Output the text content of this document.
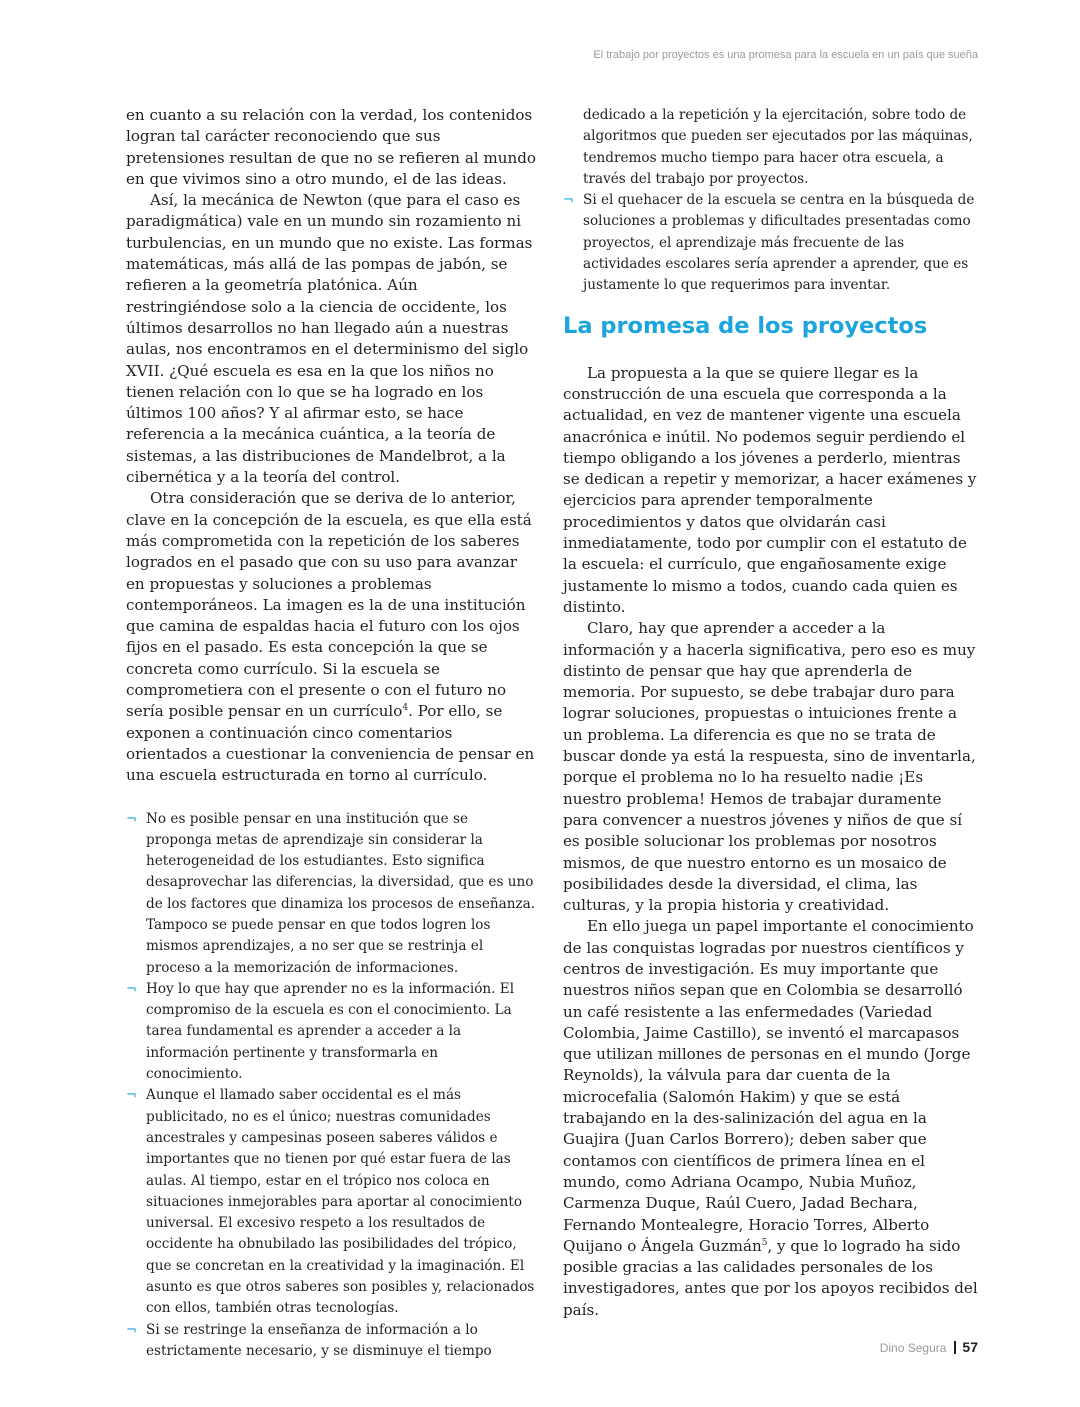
El trabajo por proyectos es una promesa para la escuela en un país que sueña

en cuanto a su relación con la verdad, los contenidos logran tal carácter reconociendo que sus pretensiones resultan de que no se refieren al mundo en que vivimos sino a otro mundo, el de las ideas.

Así, la mecánica de Newton (que para el caso es paradigmática) vale en un mundo sin rozamiento ni turbulencias, en un mundo que no existe. Las formas matemáticas, más allá de las pompas de jabón, se refieren a la geometría platónica. Aún restringiéndose solo a la ciencia de occidente, los últimos desarrollos no han llegado aún a nuestras aulas, nos encontramos en el determinismo del siglo XVII. ¿Qué escuela es esa en la que los niños no tienen relación con lo que se ha logrado en los últimos 100 años? Y al afirmar esto, se hace referencia a la mecánica cuántica, a la teoría de sistemas, a las distribuciones de Mandelbrot, a la cibernética y a la teoría del control.

Otra consideración que se deriva de lo anterior, clave en la concepción de la escuela, es que ella está más comprometida con la repetición de los saberes logrados en el pasado que con su uso para avanzar en propuestas y soluciones a problemas contemporáneos. La imagen es la de una institución que camina de espaldas hacia el futuro con los ojos fijos en el pasado. Es esta concepción la que se concreta como currículo. Si la escuela se comprometiera con el presente o con el futuro no sería posible pensar en un currículo$^4$. Por ello, se exponen a continuación cinco comentarios orientados a cuestionar la conveniencia de pensar en una escuela estructurada en torno al currículo.

¬ No es posible pensar en una institución que se proponga metas de aprendizaje sin considerar la heterogeneidad de los estudiantes. Esto significa desaprovechar las diferencias, la diversidad, que es uno de los factores que dinamiza los procesos de enseñanza. Tampoco se puede pensar en que todos logren los mismos aprendizajes, a no ser que se restrinja el proceso a la memorización de informaciones.
¬ Hoy lo que hay que aprender no es la información. El compromiso de la escuela es con el conocimiento. La tarea fundamental es aprender a acceder a la información pertinente y transformarla en conocimiento.
¬ Aunque el llamado saber occidental es el más publicitado, no es el único; nuestras comunidades ancestrales y campesinas poseen saberes válidos e importantes que no tienen por qué estar fuera de las aulas. Al tiempo, estar en el trópico nos coloca en situaciones inmejorables para aportar al conocimiento universal. El excesivo respeto a los resultados de occidente ha obnubilado las posibilidades del trópico, que se concretan en la creatividad y la imaginación. El asunto es que otros saberes son posibles y, relacionados con ellos, también otras tecnologías.
¬ Si se restringe la enseñanza de información a lo estrictamente necesario, y se disminuye el tiempo
dedicado a la repetición y la ejercitación, sobre todo de algoritmos que pueden ser ejecutados por las máquinas, tendremos mucho tiempo para hacer otra escuela, a través del trabajo por proyectos.
¬ Si el quehacer de la escuela se centra en la búsqueda de soluciones a problemas y dificultades presentadas como proyectos, el aprendizaje más frecuente de las actividades escolares sería aprender a aprender, que es justamente lo que requerimos para inventar.
La promesa de los proyectos

La propuesta a la que se quiere llegar es la construcción de una escuela que corresponda a la actualidad, en vez de mantener vigente una escuela anacrónica e inútil. No podemos seguir perdiendo el tiempo obligando a los jóvenes a perderlo, mientras se dedican a repetir y memorizar, a hacer exámenes y ejercicios para aprender temporalmente procedimientos y datos que olvidarán casi inmediatamente, todo por cumplir con el estatuto de la escuela: el currículo, que engañosamente exige justamente lo mismo a todos, cuando cada quien es distinto.

Claro, hay que aprender a acceder a la información y a hacerla significativa, pero eso es muy distinto de pensar que hay que aprenderla de memoria. Por supuesto, se debe trabajar duro para lograr soluciones, propuestas o intuiciones frente a un problema. La diferencia es que no se trata de buscar donde ya está la respuesta, sino de inventarla, porque el problema no lo ha resuelto nadie ¡Es nuestro problema! Hemos de trabajar duramente para convencer a nuestros jóvenes y niños de que sí es posible solucionar los problemas por nosotros mismos, de que nuestro entorno es un mosaico de posibilidades desde la diversidad, el clima, las culturas, y la propia historia y creatividad.

En ello juega un papel importante el conocimiento de las conquistas logradas por nuestros científicos y centros de investigación. Es muy importante que nuestros niños sepan que en Colombia se desarrolló un café resistente a las enfermedades (Variedad Colombia, Jaime Castillo), se inventó el marcapasos que utilizan millones de personas en el mundo (Jorge Reynolds), la válvula para dar cuenta de la microcefalia (Salomón Hakim) y que se está trabajando en la des-salinización del agua en la Guajira (Juan Carlos Borrero); deben saber que contamos con científicos de primera línea en el mundo, como Adriana Ocampo, Nubia Muñoz, Carmenza Duque, Raúl Cuero, Jadad Bechara, Fernando Montealegre, Horacio Torres, Alberto Quijano o Ángela Guzmán$^5$, y que lo logrado ha sido posible gracias a las calidades personales de los investigadores, antes que por los apoyos recibidos del país.

Dino Segura 57
